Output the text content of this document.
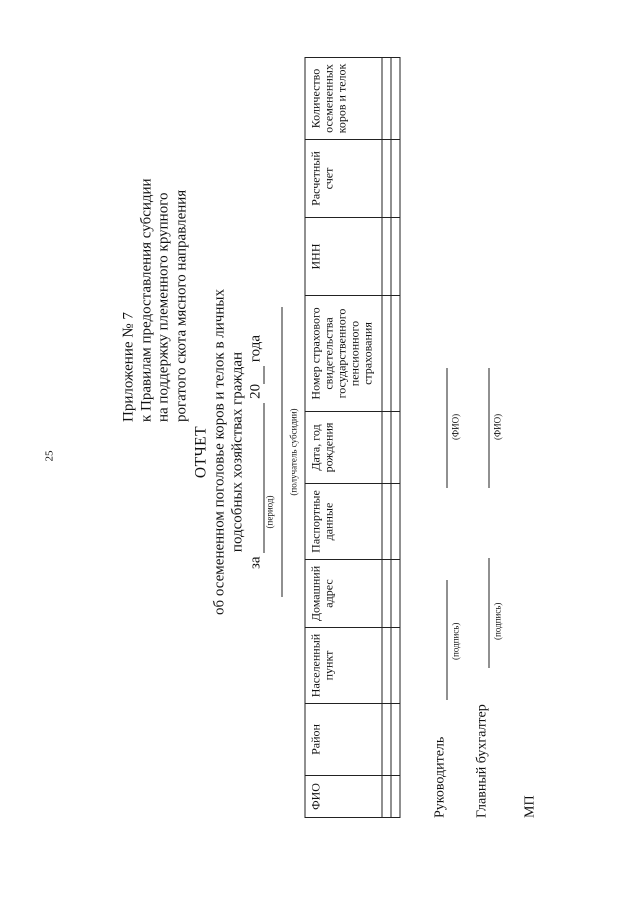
25
Приложение № 7 к Правилам предоставления субсидии на поддержку племенного крупного рогатого скота мясного направления
ОТЧЕТ об осемененном поголовье коров и телок в личных подсобных хозяйствах граждан
за  20 года
(период)
(получатель субсидии)
ФИО	Район	Населенный пункт	Домашний адрес	Паспортные данные	Дата, год рождения	Номер страхового свидетельства государственного пенсионного страхования	ИНН	Расчетный счет	Количество осемененных коров и телок

Руководитель
(подпись)
(ФИО)
Главный бухгалтер
(подпись)
(ФИО)
МП
